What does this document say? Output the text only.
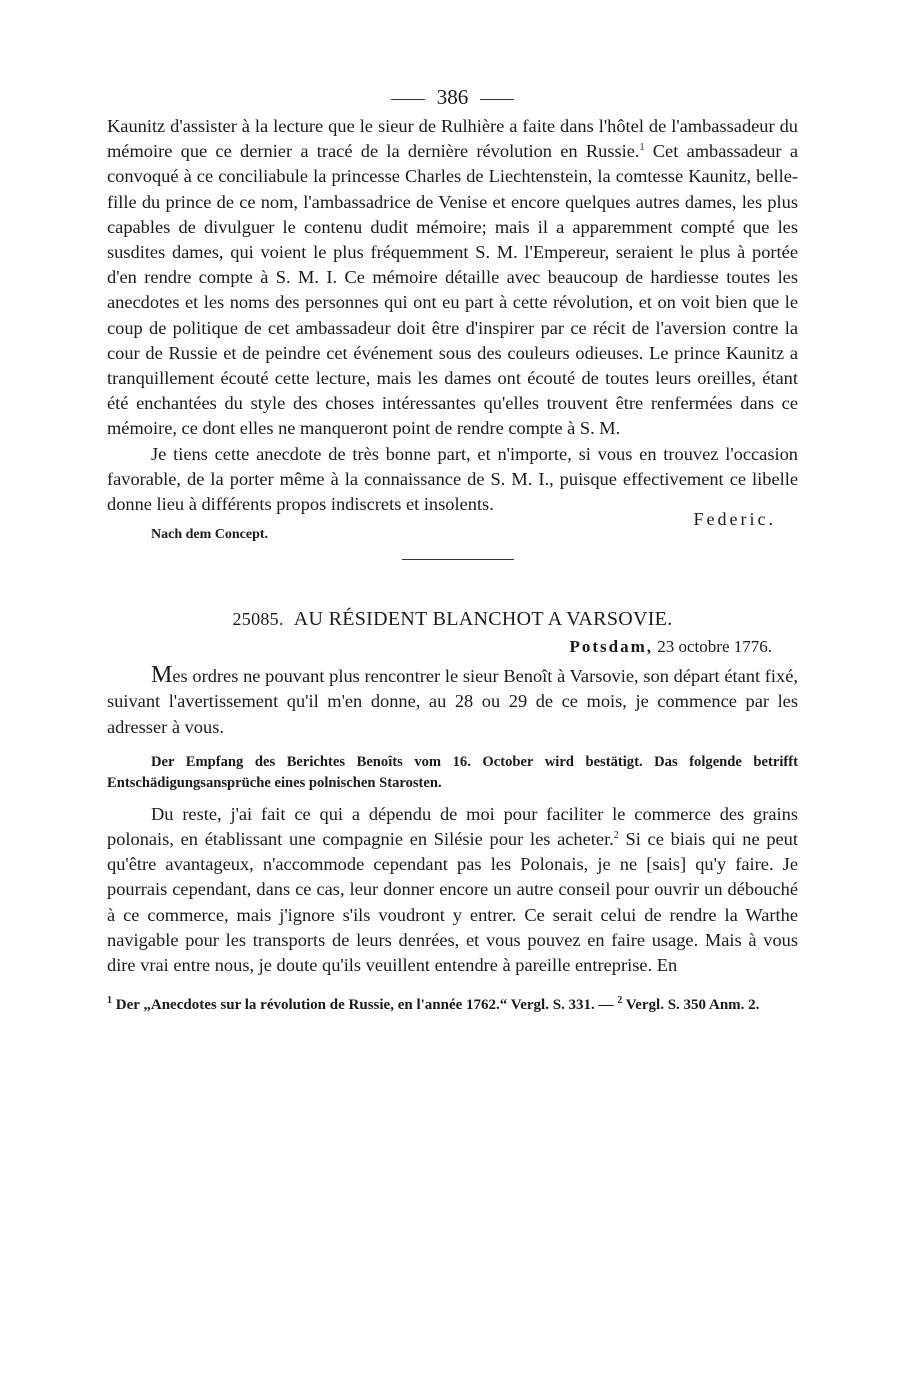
386

Kaunitz d'assister à la lecture que le sieur de Rulhière a faite dans l'hôtel de l'ambassadeur du mémoire que ce dernier a tracé de la dernière révolution en Russie.$^1$ Cet ambassadeur a convoqué à ce conciliabule la princesse Charles de Liechtenstein, la comtesse Kaunitz, belle-fille du prince de ce nom, l'ambassadrice de Venise et encore quelques autres dames, les plus capables de divulguer le contenu dudit mémoire; mais il a apparemment compté que les susdites dames, qui voient le plus fréquemment S. M. l'Empereur, seraient le plus à portée d'en rendre compte à S. M. I. Ce mémoire détaille avec beaucoup de hardiesse toutes les anecdotes et les noms des personnes qui ont eu part à cette révolution, et on voit bien que le coup de politique de cet ambassadeur doit être d'inspirer par ce récit de l'aversion contre la cour de Russie et de peindre cet événement sous des couleurs odieuses. Le prince Kaunitz a tranquillement écouté cette lecture, mais les dames ont écouté de toutes leurs oreilles, étant été enchantées du style des choses intéressantes qu'elles trouvent être renfermées dans ce mémoire, ce dont elles ne manqueront point de rendre compte à S. M.

Je tiens cette anecdote de très bonne part, et n'importe, si vous en trouvez l'occasion favorable, de la porter même à la connaissance de S. M. I., puisque effectivement ce libelle donne lieu à différents propos indiscrets et insolents.

Nach dem Concept.
Federic.
25085. AU RÉSIDENT BLANCHOT A VARSOVIE.
Potsdam, 23 octobre 1776.

Mes ordres ne pouvant plus rencontrer le sieur Benoît à Varsovie, son départ étant fixé, suivant l'avertissement qu'il m'en donne, au 28 ou 29 de ce mois, je commence par les adresser à vous.

Der Empfang des Berichtes Benoîts vom 16. October wird bestätigt. Das folgende betrifft Entschädigungsansprüche eines polnischen Starosten.

Du reste, j'ai fait ce qui a dépendu de moi pour faciliter le commerce des grains polonais, en établissant une compagnie en Silésie pour les acheter.$^2$ Si ce biais qui ne peut qu'être avantageux, n'accommode cependant pas les Polonais, je ne [sais] qu'y faire. Je pourrais cependant, dans ce cas, leur donner encore un autre conseil pour ouvrir un débouché à ce commerce, mais j'ignore s'ils voudront y entrer. Ce serait celui de rendre la Warthe navigable pour les transports de leurs denrées, et vous pouvez en faire usage. Mais à vous dire vrai entre nous, je doute qu'ils veuillent entendre à pareille entreprise. En

$^1$ Der „Anecdotes sur la révolution de Russie, en l'année 1762.“ Vergl. S. 331. — $^2$ Vergl. S. 350 Anm. 2.
